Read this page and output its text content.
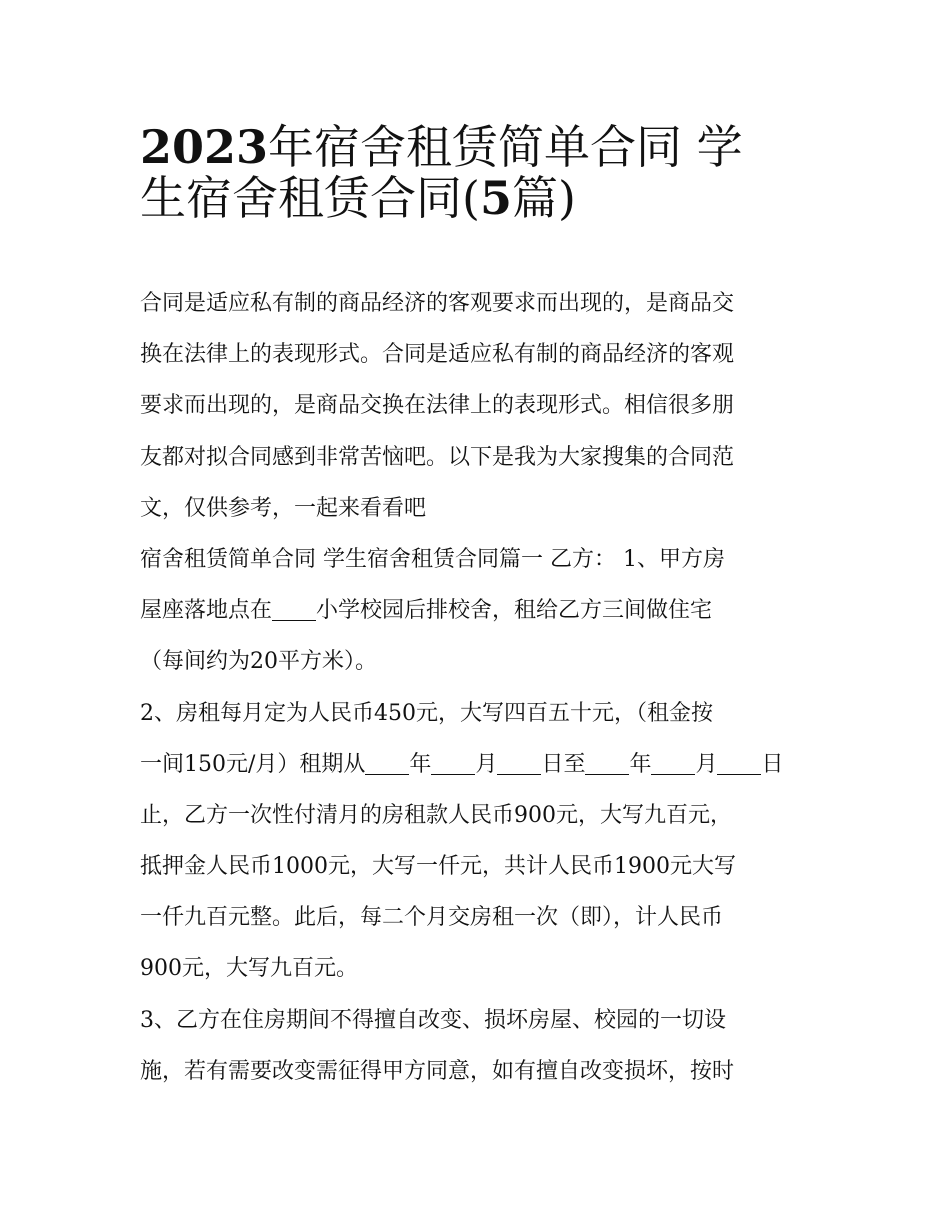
2023年宿舍租赁简单合同 学
生宿舍租赁合同(5篇)
合同是适应私有制的商品经济的客观要求而出现的，是商品交
换在法律上的表现形式。合同是适应私有制的商品经济的客观
要求而出现的，是商品交换在法律上的表现形式。相信很多朋
友都对拟合同感到非常苦恼吧。以下是我为大家搜集的合同范
文，仅供参考，一起来看看吧
宿舍租赁简单合同 学生宿舍租赁合同篇一 乙方： 1、甲方房
屋座落地点在 小学校园后排校舍，租给乙方三间做住宅
（每间约为20平方米）。
2、房租每月定为人民币450元，大写四百五十元，（租金按
一间150元/月）租期从 年 月 日至 年 月 日
止，乙方一次性付清月的房租款人民币900元，大写九百元，
抵押金人民币1000元，大写一仟元，共计人民币1900元大写
一仟九百元整。此后，每二个月交房租一次（即），计人民币
900元，大写九百元。
3、乙方在住房期间不得擅自改变、损坏房屋、校园的一切设
施，若有需要改变需征得甲方同意，如有擅自改变损坏，按时
